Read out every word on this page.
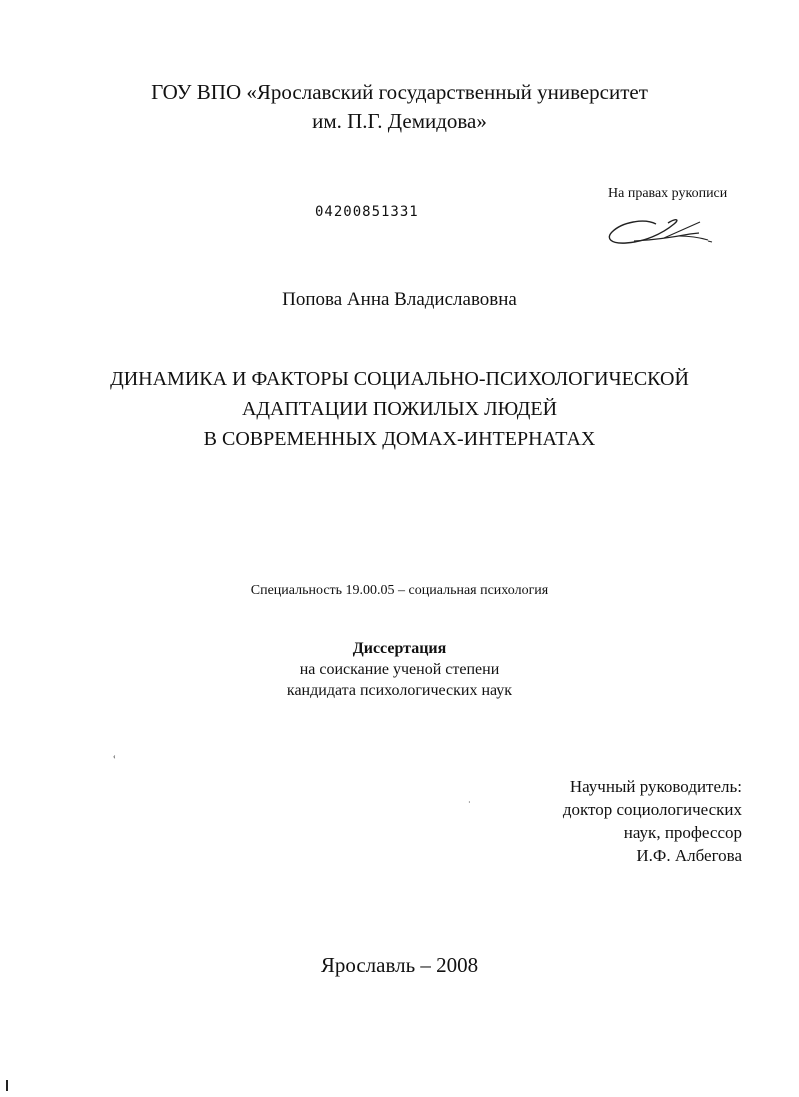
ГОУ ВПО «Ярославский государственный университет
им. П.Г. Демидова»
04200851331
На правах рукописи
Попова Анна Владиславовна
ДИНАМИКА И ФАКТОРЫ СОЦИАЛЬНО-ПСИХОЛОГИЧЕСКОЙ
АДАПТАЦИИ ПОЖИЛЫХ ЛЮДЕЙ
В СОВРЕМЕННЫХ ДОМАХ-ИНТЕРНАТАХ
Специальность 19.00.05 – социальная психология
Диссертация
на соискание ученой степени
кандидата психологических наук
Научный руководитель:
доктор социологических
наук, профессор
И.Ф. Албегова
Ярославль – 2008
‹
·
